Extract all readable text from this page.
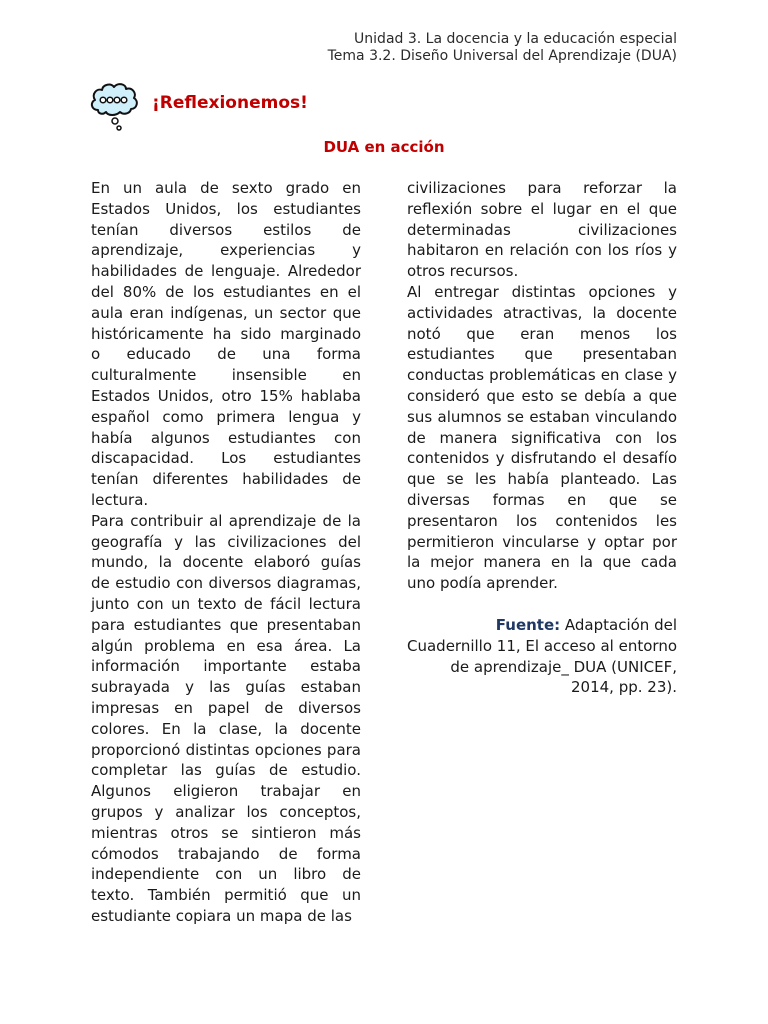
Unidad 3. La docencia y la educación especial
Tema 3.2. Diseño Universal del Aprendizaje (DUA)
¡Reflexionemos!
DUA en acción

En un aula de sexto grado en Estados Unidos, los estudiantes tenían diversos estilos de aprendizaje, experiencias y habilidades de lenguaje. Alrededor del 80% de los estudiantes en el aula eran indígenas, un sector que históricamente ha sido marginado o educado de una forma culturalmente insensible en Estados Unidos, otro 15% hablaba español como primera lengua y había algunos estudiantes con discapacidad. Los estudiantes tenían diferentes habilidades de lectura.

Para contribuir al aprendizaje de la geografía y las civilizaciones del mundo, la docente elaboró guías de estudio con diversos diagramas, junto con un texto de fácil lectura para estudiantes que presentaban algún problema en esa área. La información importante estaba subrayada y las guías estaban impresas en papel de diversos colores. En la clase, la docente proporcionó distintas opciones para completar las guías de estudio. Algunos eligieron trabajar en grupos y analizar los conceptos, mientras otros se sintieron más cómodos trabajando de forma independiente con un libro de texto. También permitió que un estudiante copiara un mapa de las

civilizaciones para reforzar la reflexión sobre el lugar en el que determinadas civilizaciones habitaron en relación con los ríos y otros recursos.

Al entregar distintas opciones y actividades atractivas, la docente notó que eran menos los estudiantes que presentaban conductas problemáticas en clase y consideró que esto se debía a que sus alumnos se estaban vinculando de manera significativa con los contenidos y disfrutando el desafío que se les había planteado. Las diversas formas en que se presentaron los contenidos les permitieron vincularse y optar por la mejor manera en la que cada uno podía aprender.

Fuente: Adaptación del Cuadernillo 11, El acceso al entorno de aprendizaje_ DUA (UNICEF, 2014, pp. 23).
